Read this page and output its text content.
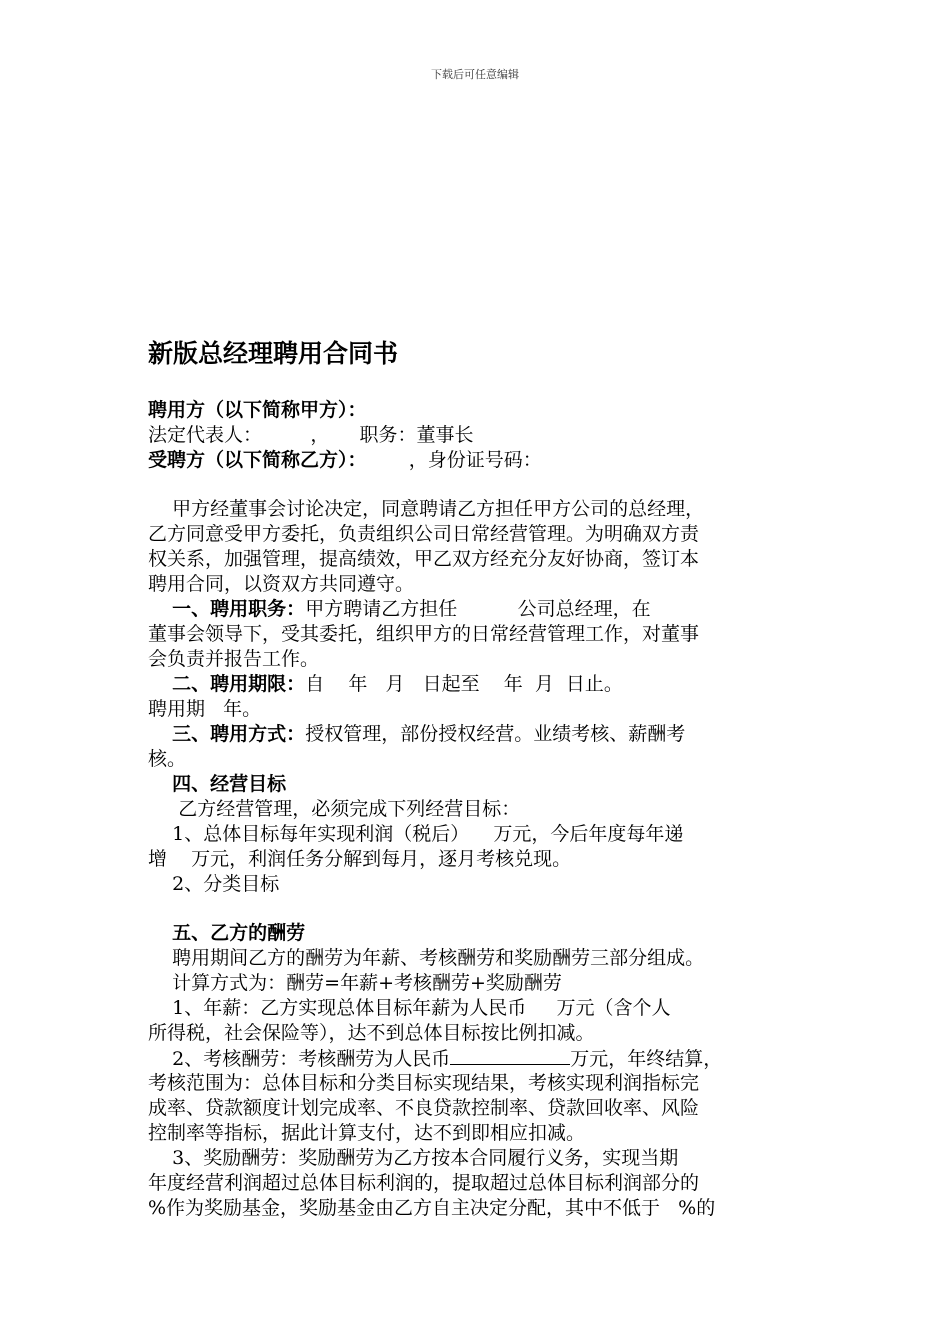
下载后可任意编辑
新版总经理聘用合同书
聘用方（以下简称甲方）：
法定代表人：        ，     职务：董事长
受聘方（以下简称乙方）：       ，身份证号码：
甲方经董事会讨论决定，同意聘请乙方担任甲方公司的总经理，
乙方同意受甲方委托，负责组织公司日常经营管理。为明确双方责
权关系，加强管理，提高绩效，甲乙双方经充分友好协商，签订本
聘用合同，以资双方共同遵守。
一、聘用职务：甲方聘请乙方担任          公司总经理，在
董事会领导下，受其委托，组织甲方的日常经营管理工作，对董事
会负责并报告工作。
二、聘用期限：自    年   月   日起至    年  月  日止。
聘用期   年。
三、聘用方式：授权管理，部份授权经营。业绩考核、薪酬考
核。
四、经营目标
乙方经营管理，必须完成下列经营目标：
1、总体目标每年实现利润（税后）    万元，今后年度每年递
增    万元，利润任务分解到每月，逐月考核兑现。
2、分类目标
五、乙方的酬劳
聘用期间乙方的酬劳为年薪、考核酬劳和奖励酬劳三部分组成。
计算方式为：酬劳=年薪+考核酬劳+奖励酬劳
1、年薪：乙方实现总体目标年薪为人民币     万元（含个人
所得税，社会保险等），达不到总体目标按比例扣减。
2、考核酬劳：考核酬劳为人民币	万元，年终结算，
考核范围为：总体目标和分类目标实现结果，考核实现利润指标完
成率、贷款额度计划完成率、不良贷款控制率、贷款回收率、风险
控制率等指标，据此计算支付，达不到即相应扣减。
3、奖励酬劳：奖励酬劳为乙方按本合同履行义务，实现当期
年度经营利润超过总体目标利润的，提取超过总体目标利润部分的
%作为奖励基金，奖励基金由乙方自主决定分配，其中不低于   %的
